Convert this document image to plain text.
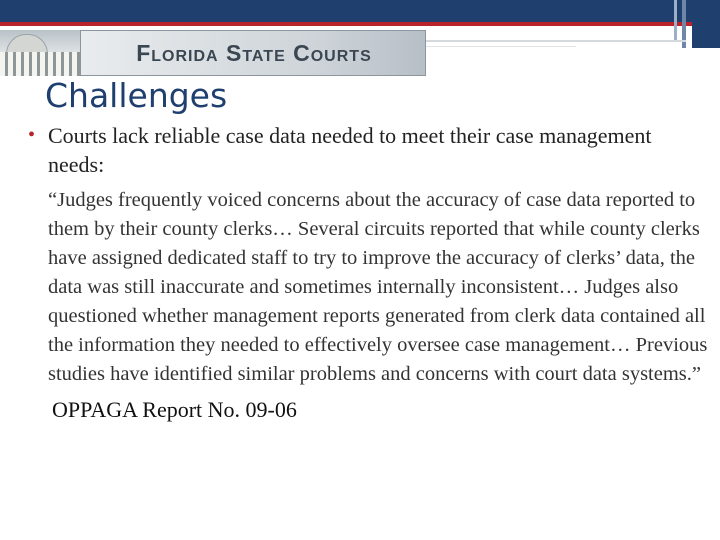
Florida State Courts
Challenges
• Courts lack reliable case data needed to meet their case management needs:
“Judges frequently voiced concerns about the accuracy of case data reported to them by their county clerks… Several circuits reported that while county clerks have assigned dedicated staff to try to improve the accuracy of clerks’ data, the data was still inaccurate and sometimes internally inconsistent… Judges also questioned whether management reports generated from clerk data contained all the information they needed to effectively oversee case management… Previous studies have identified similar problems and concerns with court data systems.”
OPPAGA Report No. 09-06
